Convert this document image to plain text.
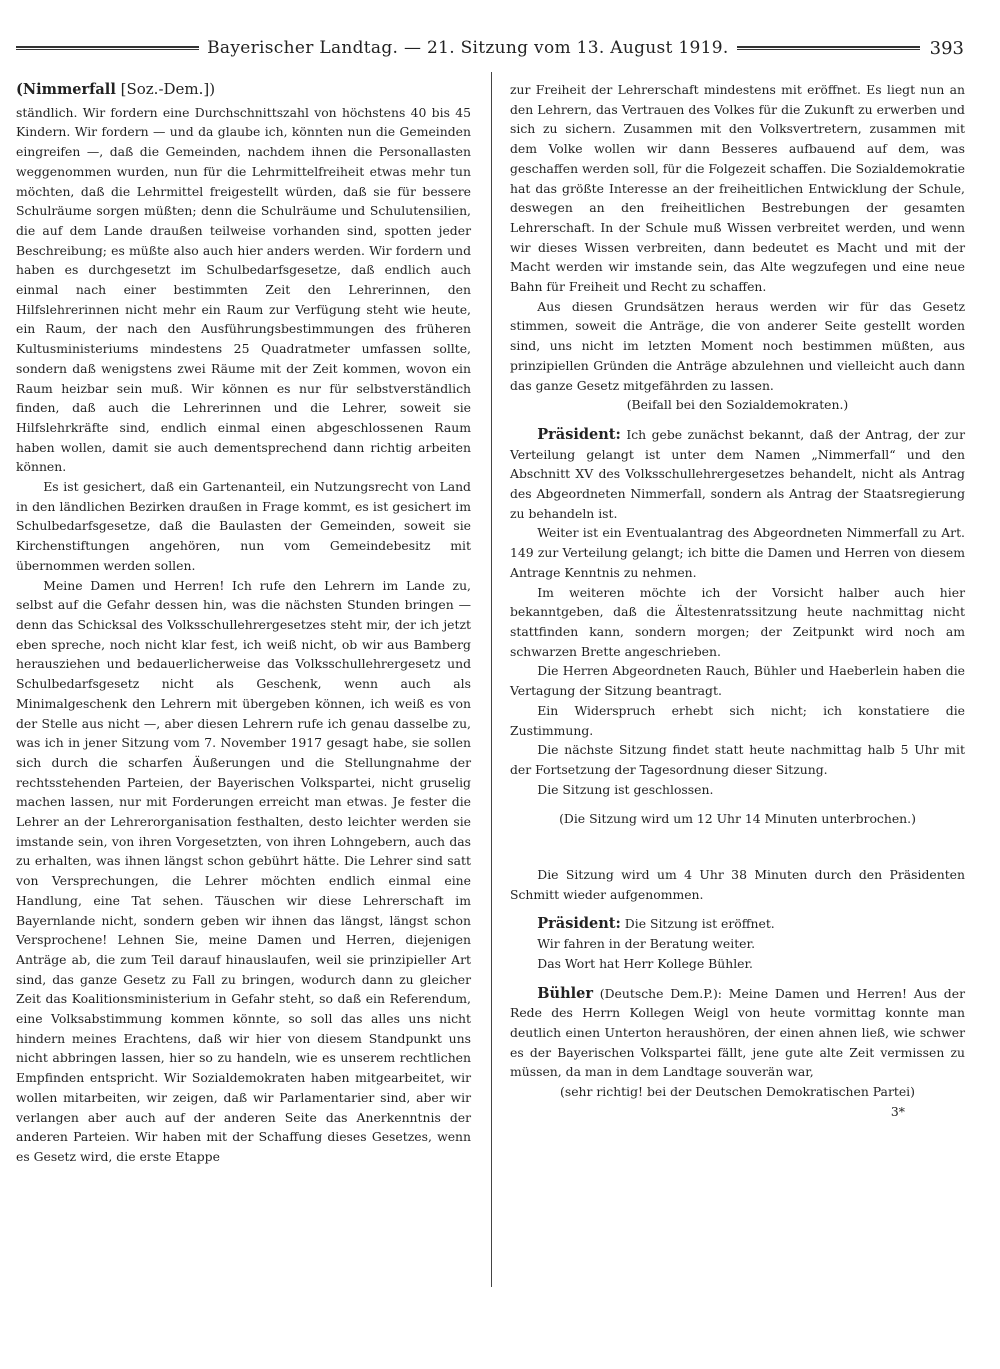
Bayerischer Landtag. — 21. Sitzung vom 13. August 1919.	393

(Nimmerfall [Soz.-Dem.])

ständlich. Wir fordern eine Durchschnittszahl von höchstens 40 bis 45 Kindern. Wir fordern — und da glaube ich, könnten nun die Gemeinden eingreifen —, daß die Gemeinden, nachdem ihnen die Personallasten weggenommen wurden, nun für die Lehrmittelfreiheit etwas mehr tun möchten, daß die Lehrmittel freigestellt würden, daß sie für bessere Schulräume sorgen müßten; denn die Schulräume und Schulutensilien, die auf dem Lande draußen teilweise vorhanden sind, spotten jeder Beschreibung; es müßte also auch hier anders werden. Wir fordern und haben es durchgesetzt im Schulbedarfsgesetze, daß endlich auch einmal nach einer bestimmten Zeit den Lehrerinnen, den Hilfslehrerinnen nicht mehr ein Raum zur Verfügung steht wie heute, ein Raum, der nach den Ausführungsbestimmungen des früheren Kultusministeriums mindestens 25 Quadratmeter umfassen sollte, sondern daß wenigstens zwei Räume mit der Zeit kommen, wovon ein Raum heizbar sein muß. Wir können es nur für selbstverständlich finden, daß auch die Lehrerinnen und die Lehrer, soweit sie Hilfslehrkräfte sind, endlich einmal einen abgeschlossenen Raum haben wollen, damit sie auch dementsprechend dann richtig arbeiten können.

Es ist gesichert, daß ein Gartenanteil, ein Nutzungsrecht von Land in den ländlichen Bezirken draußen in Frage kommt, es ist gesichert im Schulbedarfsgesetze, daß die Baulasten der Gemeinden, soweit sie Kirchenstiftungen angehören, nun vom Gemeindebesitz mit übernommen werden sollen.

Meine Damen und Herren! Ich rufe den Lehrern im Lande zu, selbst auf die Gefahr dessen hin, was die nächsten Stunden bringen — denn das Schicksal des Volksschullehrergesetzes steht mir, der ich jetzt eben spreche, noch nicht klar fest, ich weiß nicht, ob wir aus Bamberg herausziehen und bedauerlicherweise das Volksschullehrergesetz und Schulbedarfsgesetz nicht als Geschenk, wenn auch als Minimalgeschenk den Lehrern mit übergeben können, ich weiß es von der Stelle aus nicht —, aber diesen Lehrern rufe ich genau dasselbe zu, was ich in jener Sitzung vom 7. November 1917 gesagt habe, sie sollen sich durch die scharfen Äußerungen und die Stellungnahme der rechtsstehenden Parteien, der Bayerischen Volkspartei, nicht gruselig machen lassen, nur mit Forderungen erreicht man etwas. Je fester die Lehrer an der Lehrerorganisation festhalten, desto leichter werden sie imstande sein, von ihren Vorgesetzten, von ihren Lohngebern, auch das zu erhalten, was ihnen längst schon gebührt hätte. Die Lehrer sind satt von Versprechungen, die Lehrer möchten endlich einmal eine Handlung, eine Tat sehen. Täuschen wir diese Lehrerschaft im Bayernlande nicht, sondern geben wir ihnen das längst, längst schon Versprochene! Lehnen Sie, meine Damen und Herren, diejenigen Anträge ab, die zum Teil darauf hinauslaufen, weil sie prinzipieller Art sind, das ganze Gesetz zu Fall zu bringen, wodurch dann zu gleicher Zeit das Koalitionsministerium in Gefahr steht, so daß ein Referendum, eine Volksabstimmung kommen könnte, so soll das alles uns nicht hindern meines Erachtens, daß wir hier von diesem Standpunkt uns nicht abbringen lassen, hier so zu handeln, wie es unserem rechtlichen Empfinden entspricht. Wir Sozialdemokraten haben mitgearbeitet, wir wollen mitarbeiten, wir zeigen, daß wir Parlamentarier sind, aber wir verlangen aber auch auf der anderen Seite das Anerkenntnis der anderen Parteien. Wir haben mit der Schaffung dieses Gesetzes, wenn es Gesetz wird, die erste Etappe

zur Freiheit der Lehrerschaft mindestens mit eröffnet. Es liegt nun an den Lehrern, das Vertrauen des Volkes für die Zukunft zu erwerben und sich zu sichern. Zusammen mit den Volksvertretern, zusammen mit dem Volke wollen wir dann Besseres aufbauend auf dem, was geschaffen werden soll, für die Folgezeit schaffen. Die Sozialdemokratie hat das größte Interesse an der freiheitlichen Entwicklung der Schule, deswegen an den freiheitlichen Bestrebungen der gesamten Lehrerschaft. In der Schule muß Wissen verbreitet werden, und wenn wir dieses Wissen verbreiten, dann bedeutet es Macht und mit der Macht werden wir imstande sein, das Alte wegzufegen und eine neue Bahn für Freiheit und Recht zu schaffen.

Aus diesen Grundsätzen heraus werden wir für das Gesetz stimmen, soweit die Anträge, die von anderer Seite gestellt worden sind, uns nicht im letzten Moment noch bestimmen müßten, aus prinzipiellen Gründen die Anträge abzulehnen und vielleicht auch dann das ganze Gesetz mitgefährden zu lassen.

(Beifall bei den Sozialdemokraten.)

Präsident: Ich gebe zunächst bekannt, daß der Antrag, der zur Verteilung gelangt ist unter dem Namen „Nimmerfall“ und den Abschnitt XV des Volksschullehrergesetzes behandelt, nicht als Antrag des Abgeordneten Nimmerfall, sondern als Antrag der Staatsregierung zu behandeln ist.

Weiter ist ein Eventualantrag des Abgeordneten Nimmerfall zu Art. 149 zur Verteilung gelangt; ich bitte die Damen und Herren von diesem Antrage Kenntnis zu nehmen.

Im weiteren möchte ich der Vorsicht halber auch hier bekanntgeben, daß die Ältestenratssitzung heute nachmittag nicht stattfinden kann, sondern morgen; der Zeitpunkt wird noch am schwarzen Brette angeschrieben.

Die Herren Abgeordneten Rauch, Bühler und Haeberlein haben die Vertagung der Sitzung beantragt.

Ein Widerspruch erhebt sich nicht; ich konstatiere die Zustimmung.

Die nächste Sitzung findet statt heute nachmittag halb 5 Uhr mit der Fortsetzung der Tagesordnung dieser Sitzung.

Die Sitzung ist geschlossen.

(Die Sitzung wird um 12 Uhr 14 Minuten unterbrochen.)

Die Sitzung wird um 4 Uhr 38 Minuten durch den Präsidenten Schmitt wieder aufgenommen.

Präsident: Die Sitzung ist eröffnet.

Wir fahren in der Beratung weiter.

Das Wort hat Herr Kollege Bühler.

Bühler (Deutsche Dem.P.): Meine Damen und Herren! Aus der Rede des Herrn Kollegen Weigl von heute vormittag konnte man deutlich einen Unterton heraushören, der einen ahnen ließ, wie schwer es der Bayerischen Volkspartei fällt, jene gute alte Zeit vermissen zu müssen, da man in dem Landtage souverän war,

(sehr richtig! bei der Deutschen Demokratischen Partei)

3*
